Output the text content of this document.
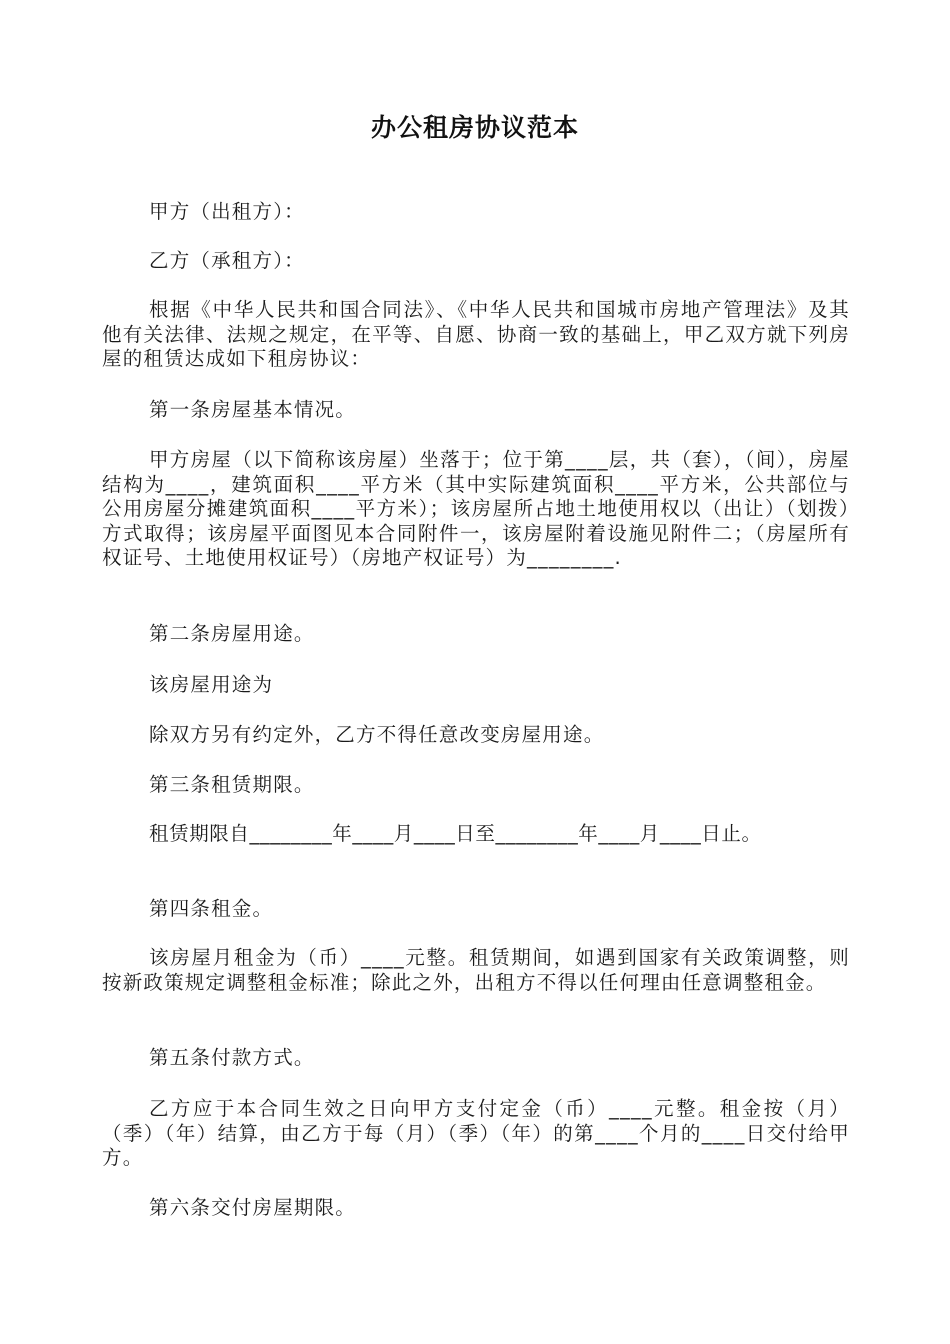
办公租房协议范本
甲方（出租方）：
乙方（承租方）：
根据《中华人民共和国合同法》、《中华人民共和国城市房地产管理法》及其他有关法律、法规之规定，在平等、自愿、协商一致的基础上，甲乙双方就下列房屋的租赁达成如下租房协议：
第一条房屋基本情况。
甲方房屋（以下简称该房屋）坐落于；位于第____层，共（套），（间），房屋结构为____，建筑面积____平方米（其中实际建筑面积____平方米，公共部位与公用房屋分摊建筑面积____平方米）；该房屋所占地土地使用权以（出让）（划拨）方式取得；该房屋平面图见本合同附件一，该房屋附着设施见附件二；（房屋所有权证号、土地使用权证号）（房地产权证号）为________.
第二条房屋用途。
该房屋用途为
除双方另有约定外，乙方不得任意改变房屋用途。
第三条租赁期限。
租赁期限自________年____月____日至________年____月____日止。
第四条租金。
该房屋月租金为（币）____元整。租赁期间，如遇到国家有关政策调整，则按新政策规定调整租金标准；除此之外，出租方不得以任何理由任意调整租金。
第五条付款方式。
乙方应于本合同生效之日向甲方支付定金（币）____元整。租金按（月）（季）（年）结算，由乙方于每（月）（季）（年）的第____个月的____日交付给甲方。
第六条交付房屋期限。
